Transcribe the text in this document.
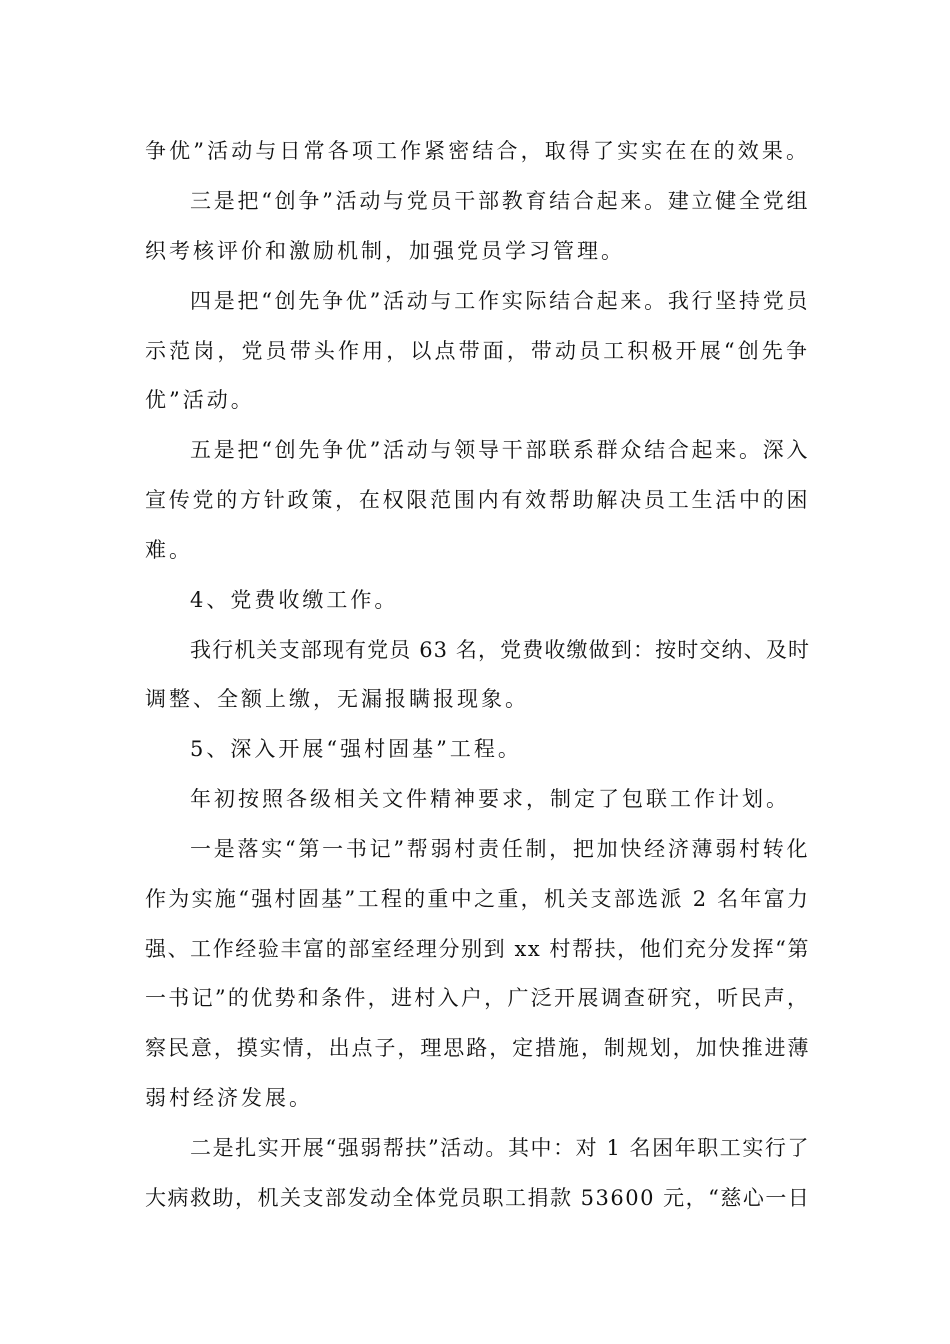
争优”活动与日常各项工作紧密结合，取得了实实在在的效果。
三是把“创争”活动与党员干部教育结合起来。建立健全党组
织考核评价和激励机制，加强党员学习管理。
四是把“创先争优”活动与工作实际结合起来。我行坚持党员
示范岗，党员带头作用，以点带面，带动员工积极开展“创先争
优”活动。
五是把“创先争优”活动与领导干部联系群众结合起来。深入
宣传党的方针政策，在权限范围内有效帮助解决员工生活中的困
难。
4、党费收缴工作。
我行机关支部现有党员 63 名，党费收缴做到：按时交纳、及时
调整、全额上缴，无漏报瞒报现象。
5、深入开展“强村固基”工程。
年初按照各级相关文件精神要求，制定了包联工作计划。
一是落实“第一书记”帮弱村责任制，把加快经济薄弱村转化
作为实施“强村固基”工程的重中之重，机关支部选派 2 名年富力
强、工作经验丰富的部室经理分别到 xx 村帮扶，他们充分发挥“第
一书记”的优势和条件，进村入户，广泛开展调查研究，听民声，
察民意，摸实情，出点子，理思路，定措施，制规划，加快推进薄
弱村经济发展。
二是扎实开展“强弱帮扶”活动。其中：对 1 名困年职工实行了
大病救助，机关支部发动全体党员职工捐款 53600 元，“慈心一日
